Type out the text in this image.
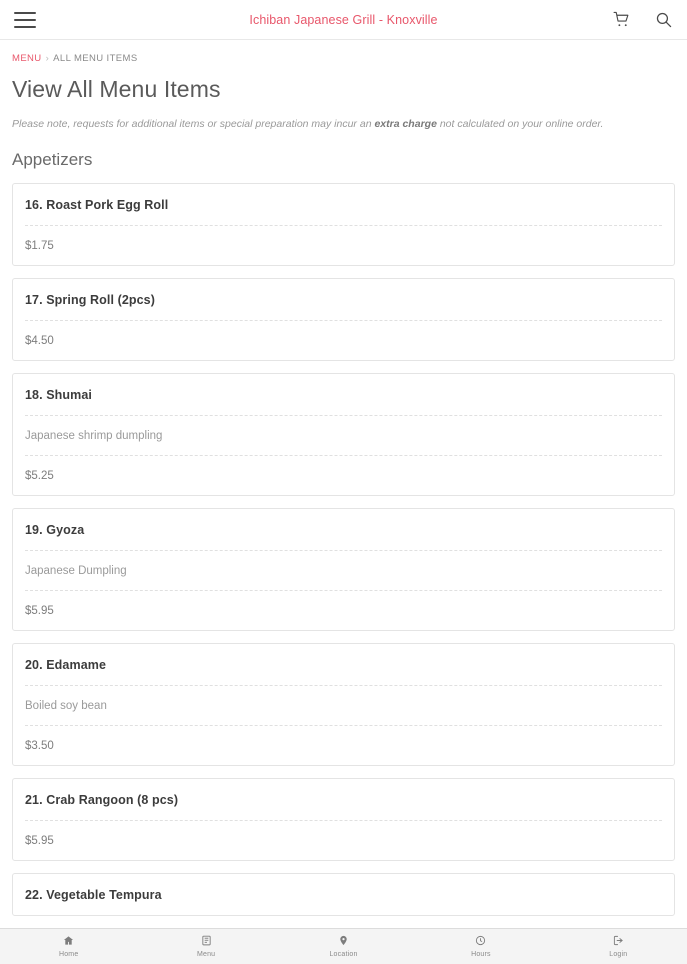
Ichiban Japanese Grill - Knoxville
MENU › ALL MENU ITEMS
View All Menu Items
Please note, requests for additional items or special preparation may incur an extra charge not calculated on your online order.
Appetizers
16. Roast Pork Egg Roll
$1.75
17. Spring Roll (2pcs)
$4.50
18. Shumai
Japanese shrimp dumpling
$5.25
19. Gyoza
Japanese Dumpling
$5.95
20. Edamame
Boiled soy bean
$3.50
21. Crab Rangoon (8 pcs)
$5.95
22. Vegetable Tempura
Home	Menu	Location	Hours	Login
